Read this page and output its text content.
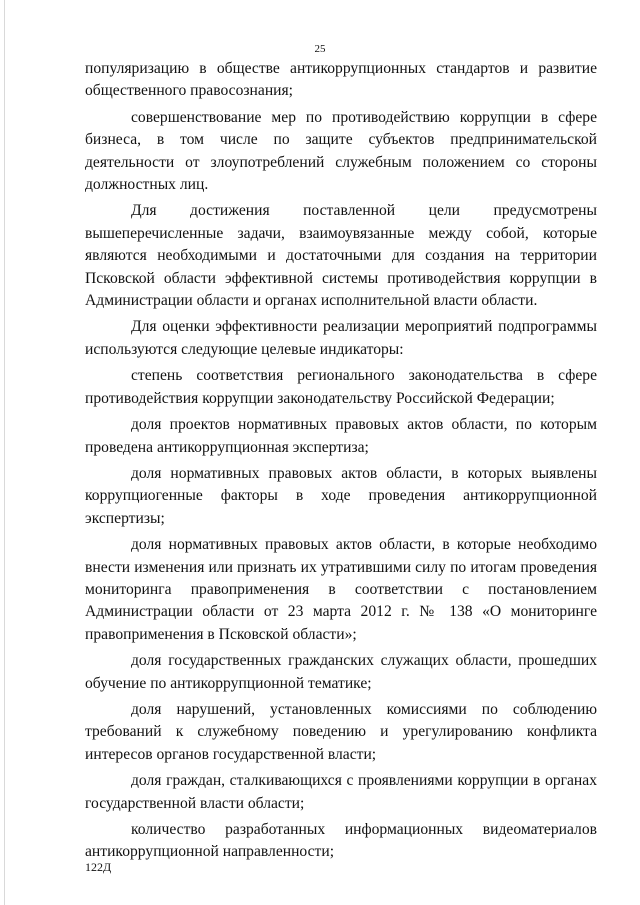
25

популяризацию в обществе антикоррупционных стандартов и развитие общественного правосознания;

совершенствование мер по противодействию коррупции в сфере бизнеса, в том числе по защите субъектов предпринимательской деятельности от злоупотреблений служебным положением со стороны должностных лиц.

Для достижения поставленной цели предусмотрены вышеперечисленные задачи, взаимоувязанные между собой, которые являются необходимыми и достаточными для создания на территории Псковской области эффективной системы противодействия коррупции в Администрации области и органах исполнительной власти области.

Для оценки эффективности реализации мероприятий подпрограммы используются следующие целевые индикаторы:

степень соответствия регионального законодательства в сфере противодействия коррупции законодательству Российской Федерации;

доля проектов нормативных правовых актов области, по которым проведена антикоррупционная экспертиза;

доля нормативных правовых актов области, в которых выявлены коррупциогенные факторы в ходе проведения антикоррупционной экспертизы;

доля нормативных правовых актов области, в которые необходимо внести изменения или признать их утратившими силу по итогам проведения мониторинга правоприменения в соответствии с постановлением Администрации области от 23 марта 2012 г. № 138 «О мониторинге правоприменения в Псковской области»;

доля государственных гражданских служащих области, прошедших обучение по антикоррупционной тематике;

доля нарушений, установленных комиссиями по соблюдению требований к служебному поведению и урегулированию конфликта интересов органов государственной власти;

доля граждан, сталкивающихся с проявлениями коррупции в органах государственной власти области;

количество разработанных информационных видеоматериалов антикоррупционной направленности;

122Д
